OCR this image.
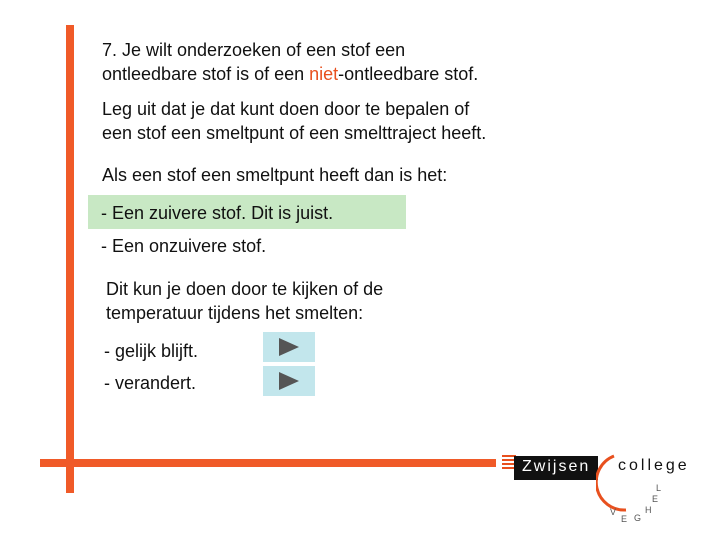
7. Je wilt onderzoeken of een stof een
ontleedbare stof is of een niet-ontleedbare stof.
Leg uit dat je dat kunt doen door te bepalen of
een stof een smeltpunt of een smelttraject heeft.
Als een stof een smeltpunt heeft dan is het:
- Een zuivere stof. Dit is juist.
- Een onzuivere stof.
Dit kun je doen door te kijken of de
temperatuur tijdens het smelten:
- gelijk blijft.
- verandert.
Zwijsen college
V
E G
H
E
L
